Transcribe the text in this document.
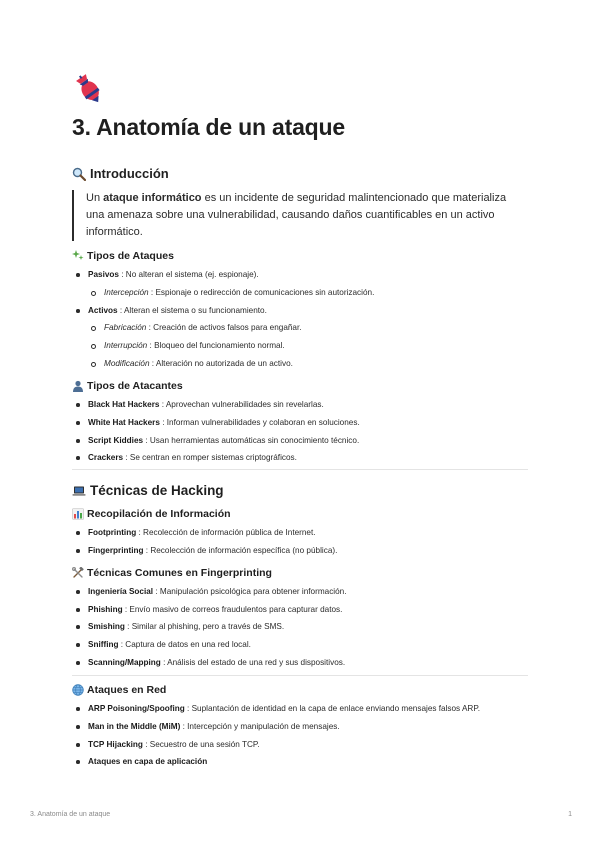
3. Anatomía de un ataque
Introducción
Un ataque informático es un incidente de seguridad malintencionado que materializa una amenaza sobre una vulnerabilidad, causando daños cuantificables en un activo informático.
Tipos de Ataques
Pasivos : No alteran el sistema (ej. espionaje).
Intercepción : Espionaje o redirección de comunicaciones sin autorización.
Activos : Alteran el sistema o su funcionamiento.
Fabricación : Creación de activos falsos para engañar.
Interrupción : Bloqueo del funcionamiento normal.
Modificación : Alteración no autorizada de un activo.
Tipos de Atacantes
Black Hat Hackers : Aprovechan vulnerabilidades sin revelarlas.
White Hat Hackers : Informan vulnerabilidades y colaboran en soluciones.
Script Kiddies : Usan herramientas automáticas sin conocimiento técnico.
Crackers : Se centran en romper sistemas criptográficos.
Técnicas de Hacking
Recopilación de Información
Footprinting : Recolección de información pública de Internet.
Fingerprinting : Recolección de información específica (no pública).
Técnicas Comunes en Fingerprinting
Ingeniería Social : Manipulación psicológica para obtener información.
Phishing : Envío masivo de correos fraudulentos para capturar datos.
Smishing : Similar al phishing, pero a través de SMS.
Sniffing : Captura de datos en una red local.
Scanning/Mapping : Análisis del estado de una red y sus dispositivos.
Ataques en Red
ARP Poisoning/Spoofing : Suplantación de identidad en la capa de enlace enviando mensajes falsos ARP.
Man in the Middle (MiM) : Intercepción y manipulación de mensajes.
TCP Hijacking : Secuestro de una sesión TCP.
Ataques en capa de aplicación
3. Anatomía de un ataque	1
